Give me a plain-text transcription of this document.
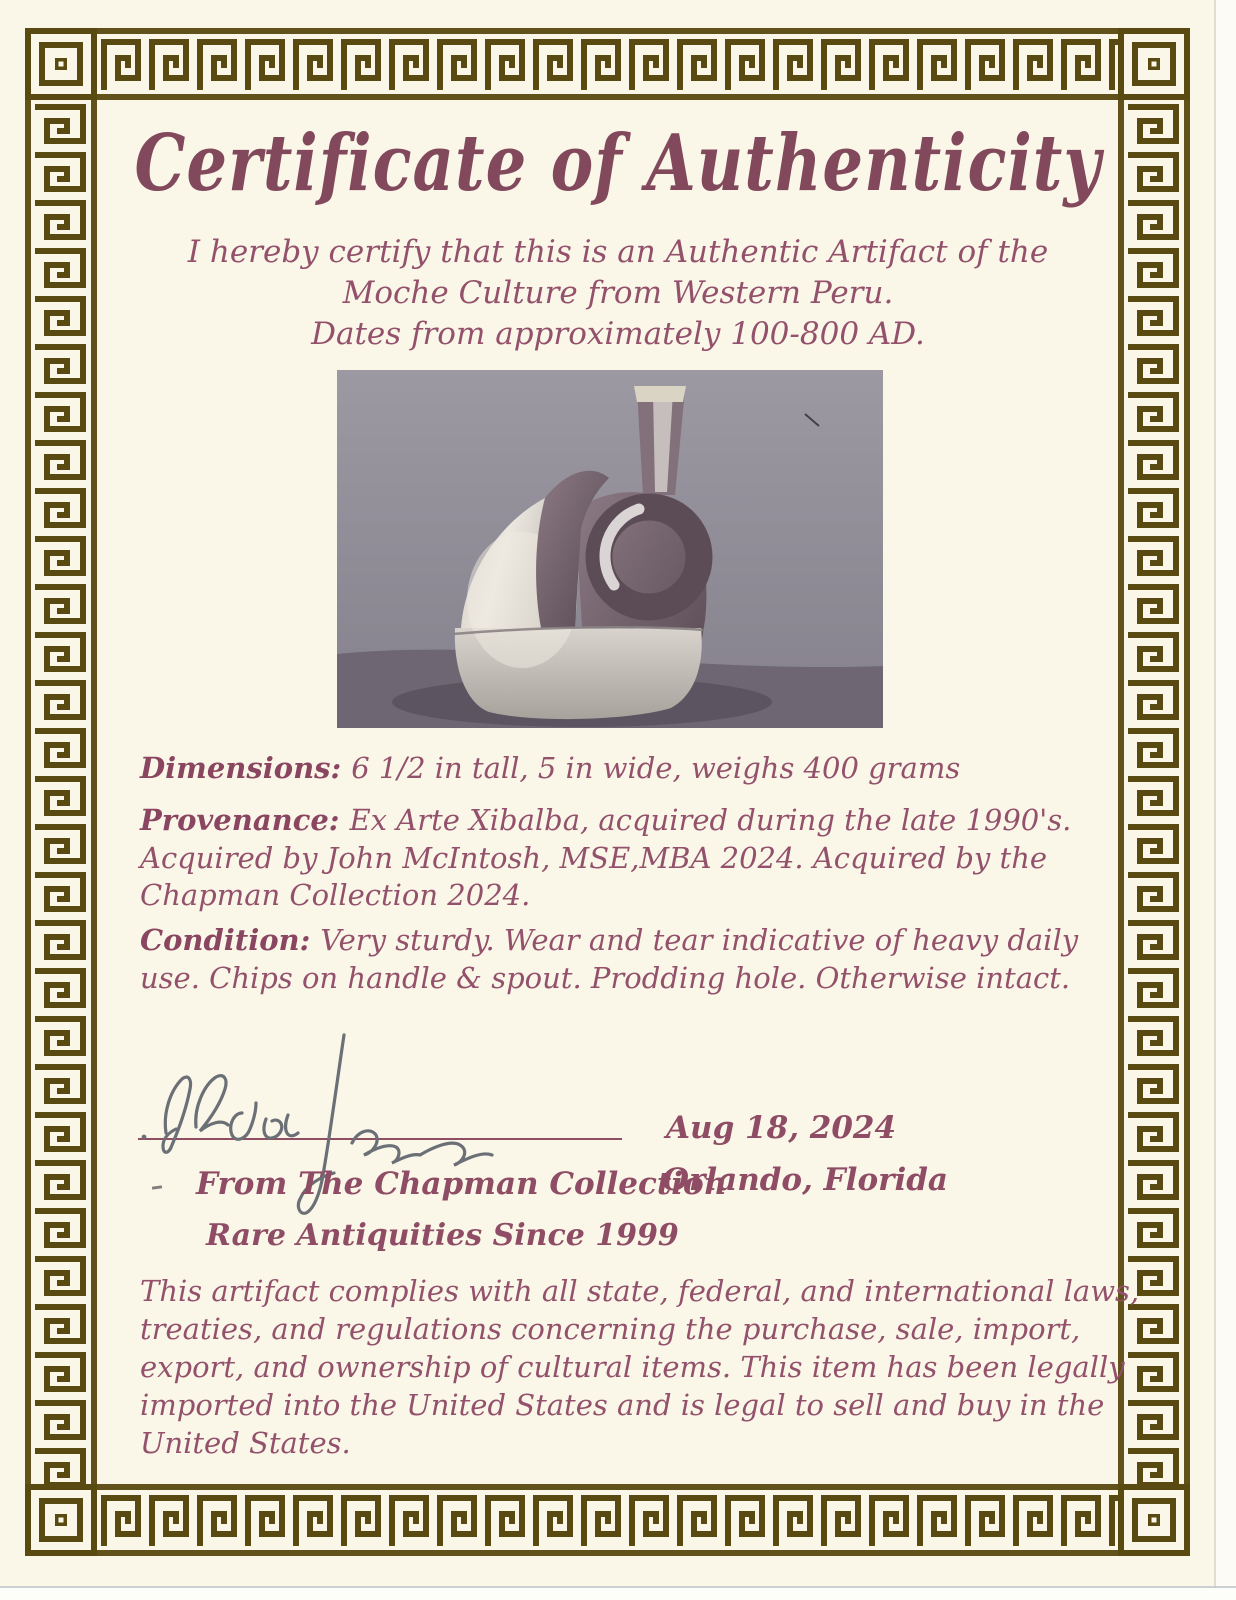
Certificate of Authenticity
I hereby certify that this is an Authentic Artifact of the
Moche Culture from Western Peru.
Dates from approximately 100-800 AD.

Dimensions: 6 1/2 in tall, 5 in wide, weighs 400 grams

Provenance: Ex Arte Xibalba, acquired during the late 1990's. Acquired by John McIntosh, MSE,MBA 2024. Acquired by the Chapman Collection 2024.

Condition: Very sturdy. Wear and tear indicative of heavy daily use. Chips on handle & spout. Prodding hole. Otherwise intact.

Aug 18, 2024
From The Chapman Collection
Orlando, Florida
Rare Antiquities Since 1999

This artifact complies with all state, federal, and international laws, treaties, and regulations concerning the purchase, sale, import, export, and ownership of cultural items. This item has been legally imported into the United States and is legal to sell and buy in the United States.
